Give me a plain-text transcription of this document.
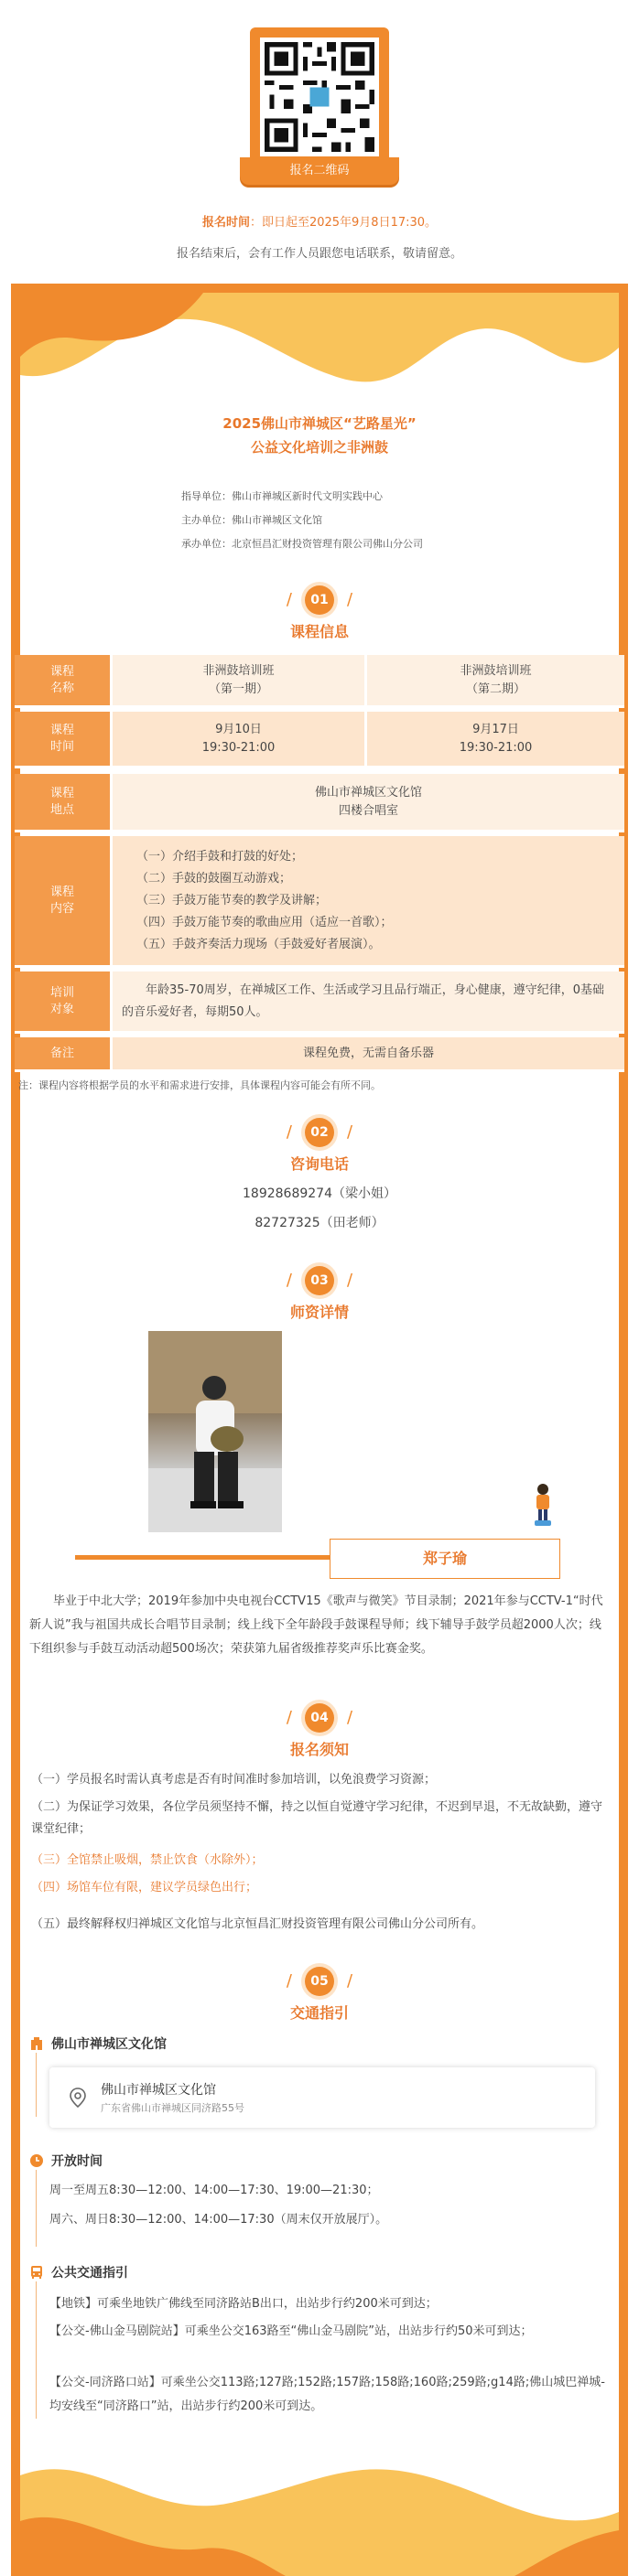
报名二维码
报名时间：即日起至2025年9月8日17:30。
报名结束后，会有工作人员跟您电话联系，敬请留意。
2025佛山市禅城区“艺路星光”
公益文化培训之非洲鼓
指导单位：佛山市禅城区新时代文明实践中心
主办单位：佛山市禅城区文化馆
承办单位：北京恒昌汇财投资管理有限公司佛山分公司
/ 01 /
课程信息
课程
名称
非洲鼓培训班
（第一期）
非洲鼓培训班
（第二期）
课程
时间
9月10日
19:30-21:00
9月17日
19:30-21:00
课程
地点
佛山市禅城区文化馆
四楼合唱室
课程
内容
（一）介绍手鼓和打鼓的好处；
（二）手鼓的鼓圈互动游戏；
（三）手鼓万能节奏的教学及讲解；
（四）手鼓万能节奏的歌曲应用（适应一首歌）；
（五）手鼓齐奏活力现场（手鼓爱好者展演）。
培训
对象
年龄35-70周岁，在禅城区工作、生活或学习且品行端正，身心健康，遵守纪律，0基础的音乐爱好者，每期50人。
备注	课程免费，无需自备乐器
注：课程内容将根据学员的水平和需求进行安排，具体课程内容可能会有所不同。
/ 02 /
咨询电话
18928689274（梁小姐）
82727325（田老师）
/ 03 /
师资详情
郑子瑜
毕业于中北大学；2019年参加中央电视台CCTV15《歌声与微笑》节目录制；2021年参与CCTV-1“时代新人说”我与祖国共成长合唱节目录制；线上线下全年龄段手鼓课程导师；线下辅导手鼓学员超2000人次；线下组织参与手鼓互动活动超500场次；荣获第九届省级推荐奖声乐比赛金奖。
/ 04 /
报名须知
（一）学员报名时需认真考虑是否有时间准时参加培训，以免浪费学习资源；
（二）为保证学习效果，各位学员须坚持不懈，持之以恒自觉遵守学习纪律，不迟到早退，不无故缺勤，遵守课堂纪律；
（三）全馆禁止吸烟，禁止饮食（水除外）；
（四）场馆车位有限，建议学员绿色出行；
（五）最终解释权归禅城区文化馆与北京恒昌汇财投资管理有限公司佛山分公司所有。
/ 05 /
交通指引
佛山市禅城区文化馆
佛山市禅城区文化馆
广东省佛山市禅城区同济路55号
开放时间
周一至周五8:30—12:00、14:00—17:30、19:00—21:30；
周六、周日8:30—12:00、14:00—17:30（周末仅开放展厅）。
公共交通指引
【地铁】可乘坐地铁广佛线至同济路站B出口，出站步行约200米可到达；
【公交-佛山金马剧院站】可乘坐公交163路至“佛山金马剧院”站，出站步行约50米可到达；
【公交-同济路口站】可乘坐公交113路;127路;152路;157路;158路;160路;259路;g14路;佛山城巴禅城-均安线至“同济路口”站，出站步行约200米可到达。
